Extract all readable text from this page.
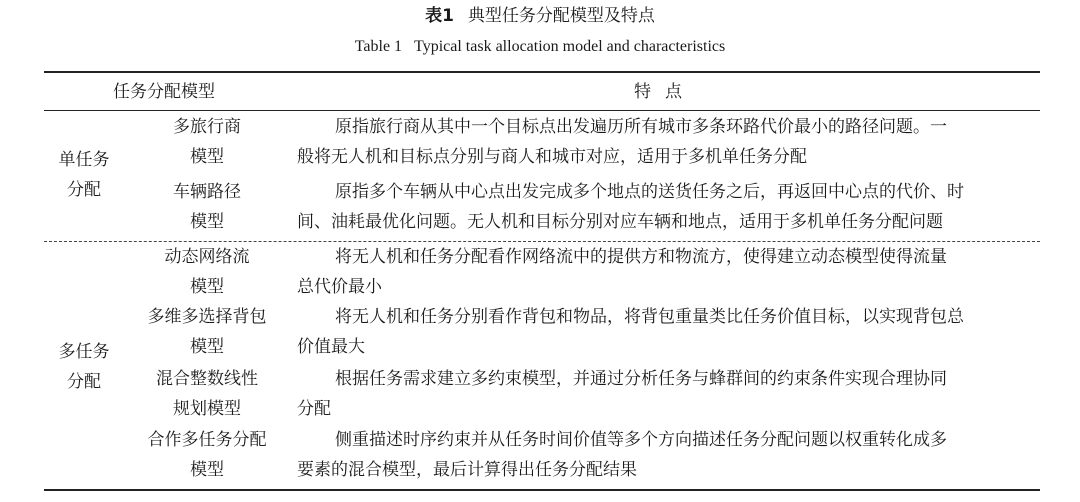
表1 典型任务分配模型及特点
Table 1 Typical task allocation model and characteristics
任务分配模型	特点
单任务
分配
多旅行商
模型
原指旅行商从其中一个目标点出发遍历所有城市多条环路代价最小的路径问题。一
般将无人机和目标点分别与商人和城市对应，适用于多机单任务分配
车辆路径
模型
原指多个车辆从中心点出发完成多个地点的送货任务之后，再返回中心点的代价、时
间、油耗最优化问题。无人机和目标分别对应车辆和地点，适用于多机单任务分配问题
多任务
分配
动态网络流
模型
将无人机和任务分配看作网络流中的提供方和物流方，使得建立动态模型使得流量
总代价最小
多维多选择背包
模型
将无人机和任务分别看作背包和物品，将背包重量类比任务价值目标，以实现背包总
价值最大
混合整数线性
规划模型
根据任务需求建立多约束模型，并通过分析任务与蜂群间的约束条件实现合理协同
分配
合作多任务分配
模型
侧重描述时序约束并从任务时间价值等多个方向描述任务分配问题以权重转化成多
要素的混合模型，最后计算得出任务分配结果
